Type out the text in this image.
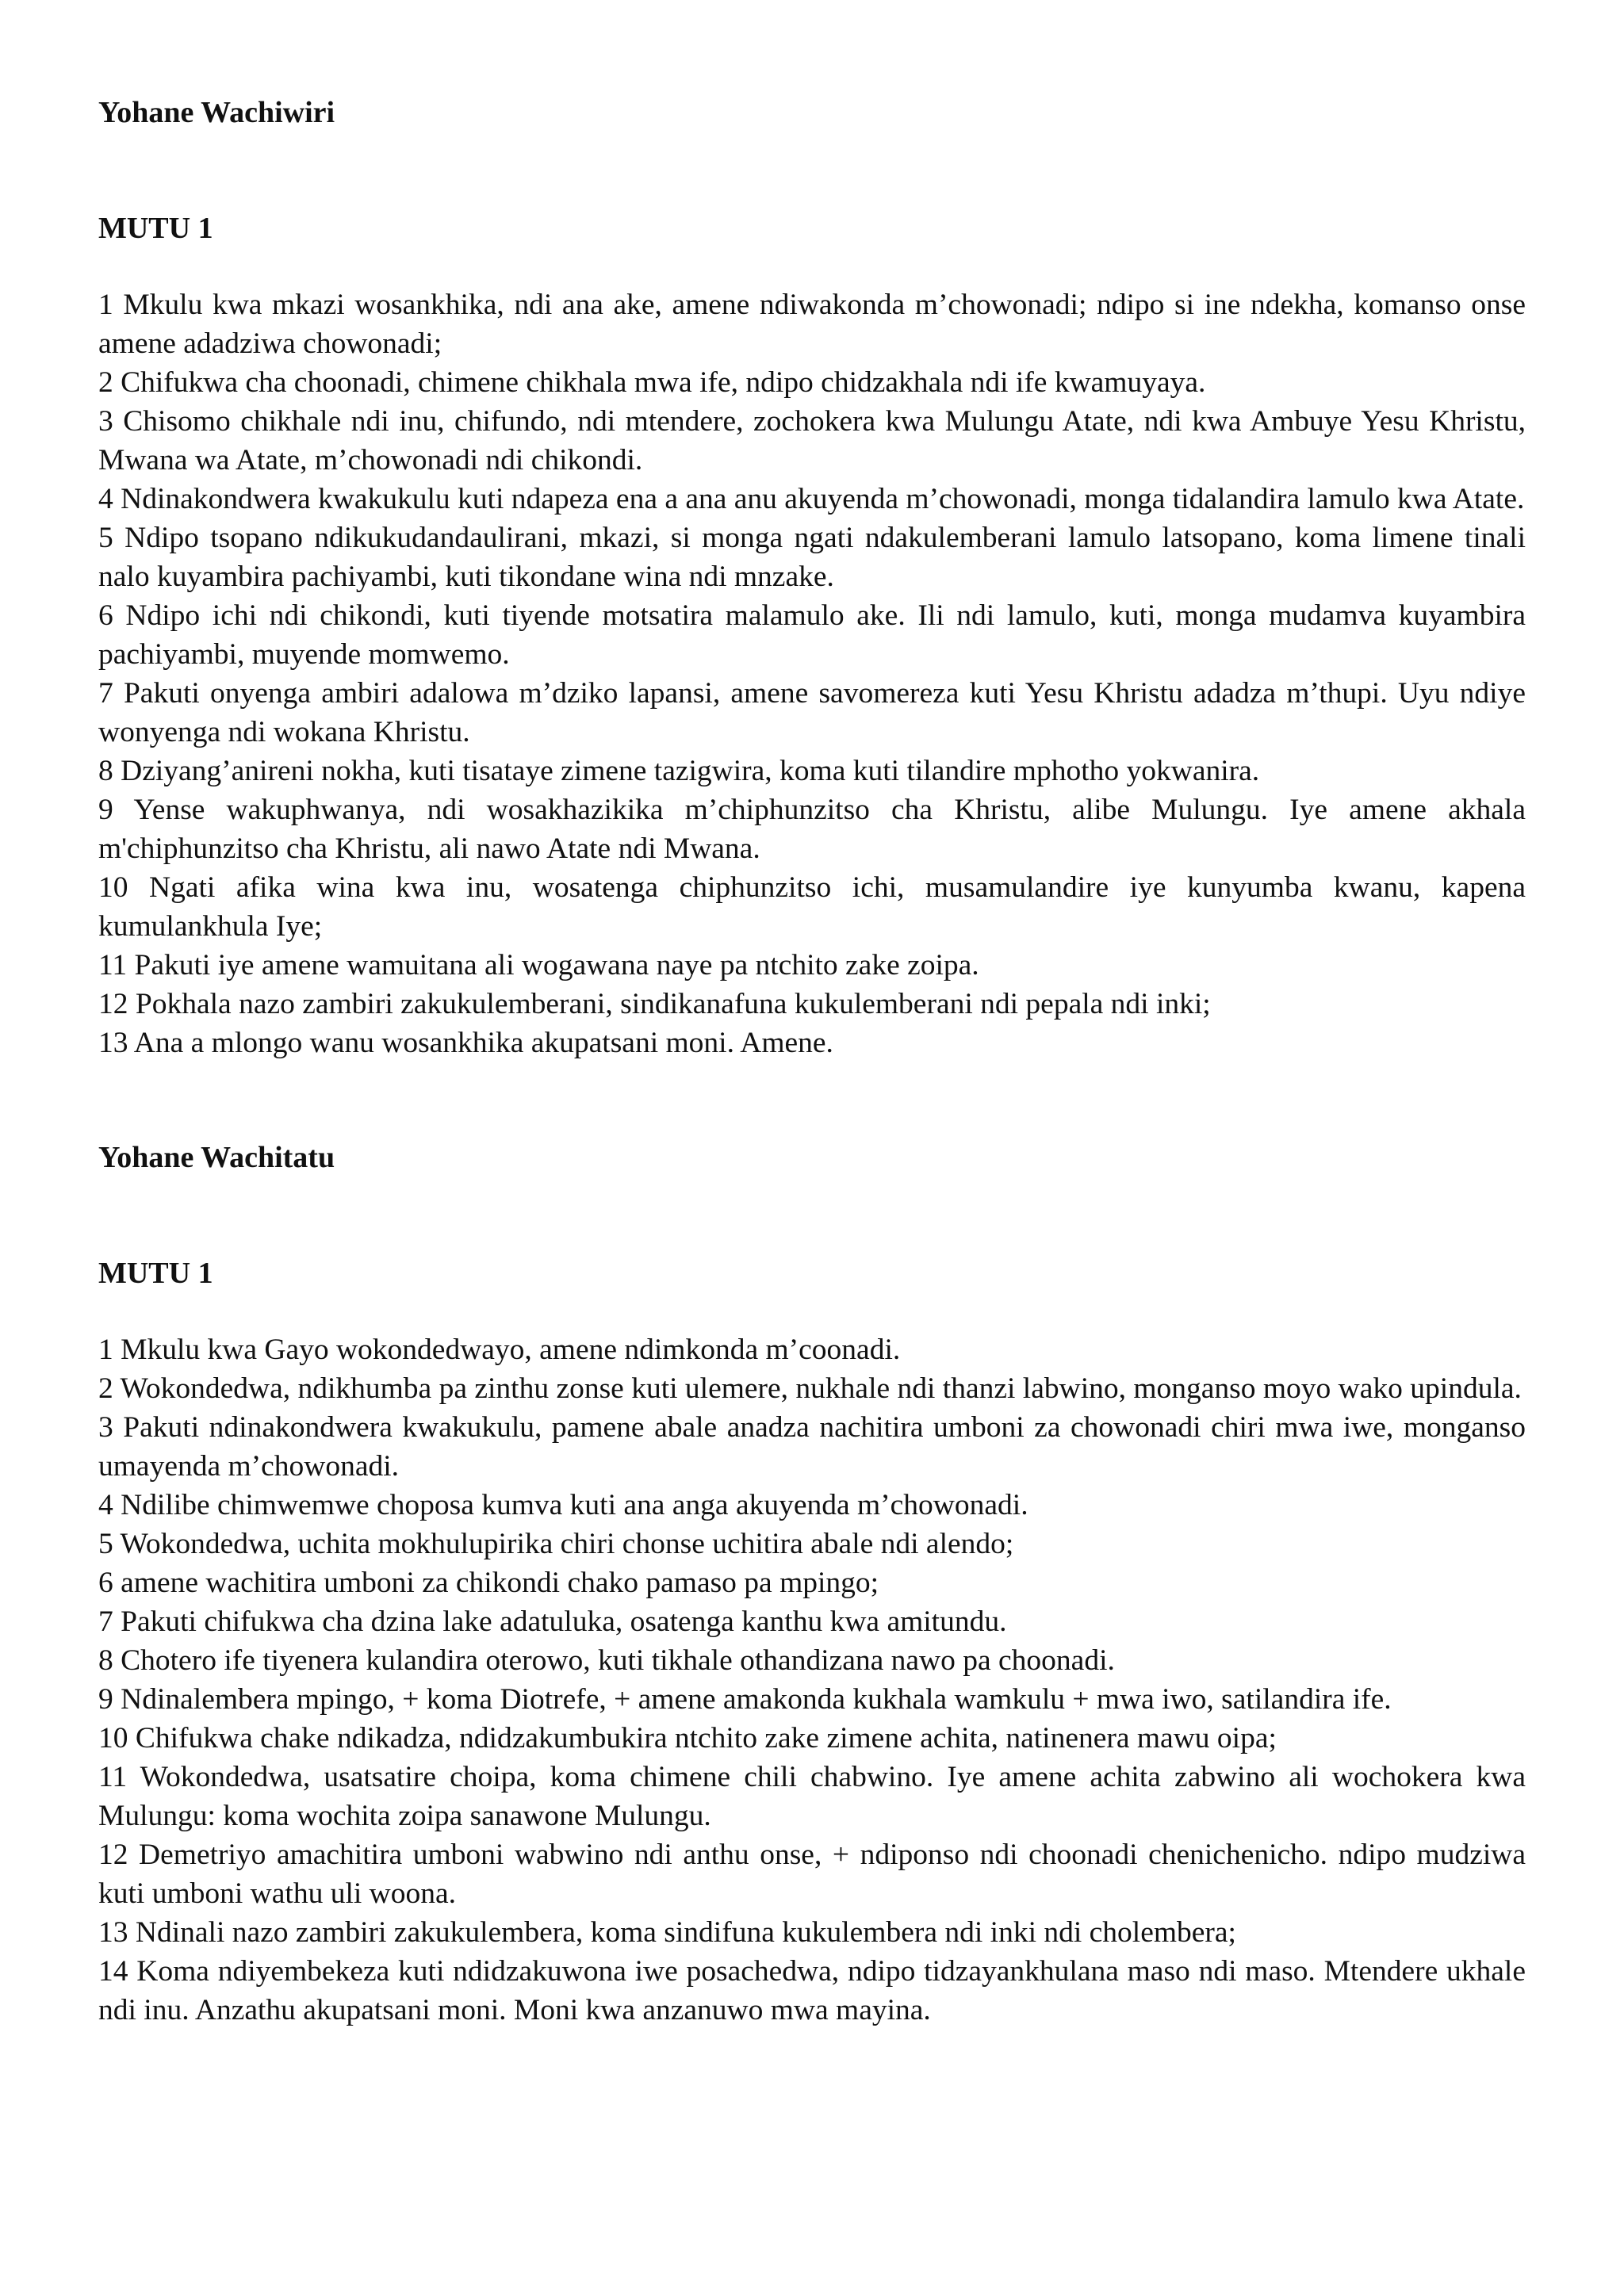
Yohane Wachiwiri

MUTU 1

1 Mkulu kwa mkazi wosankhika, ndi ana ake, amene ndiwakonda m’chowonadi; ndipo si ine ndekha, komanso onse amene adadziwa chowonadi;

2 Chifukwa cha choonadi, chimene chikhala mwa ife, ndipo chidzakhala ndi ife kwamuyaya.

3 Chisomo chikhale ndi inu, chifundo, ndi mtendere, zochokera kwa Mulungu Atate, ndi kwa Ambuye Yesu Khristu, Mwana wa Atate, m’chowonadi ndi chikondi.

4 Ndinakondwera kwakukulu kuti ndapeza ena a ana anu akuyenda m’chowonadi, monga tidalandira lamulo kwa Atate.

5 Ndipo tsopano ndikukudandaulirani, mkazi, si monga ngati ndakulemberani lamulo latsopano, koma limene tinali nalo kuyambira pachiyambi, kuti tikondane wina ndi mnzake.

6 Ndipo ichi ndi chikondi, kuti tiyende motsatira malamulo ake. Ili ndi lamulo, kuti, monga mudamva kuyambira pachiyambi, muyende momwemo.

7 Pakuti onyenga ambiri adalowa m’dziko lapansi, amene savomereza kuti Yesu Khristu adadza m’thupi. Uyu ndiye wonyenga ndi wokana Khristu.

8 Dziyang’anireni nokha, kuti tisataye zimene tazigwira, koma kuti tilandire mphotho yokwanira.

9 Yense wakuphwanya, ndi wosakhazikika m’chiphunzitso cha Khristu, alibe Mulungu. Iye amene akhala m'chiphunzitso cha Khristu, ali nawo Atate ndi Mwana.

10 Ngati afika wina kwa inu, wosatenga chiphunzitso ichi, musamulandire iye kunyumba kwanu, kapena kumulankhula Iye;

11 Pakuti iye amene wamuitana ali wogawana naye pa ntchito zake zoipa.

12 Pokhala nazo zambiri zakukulemberani, sindikanafuna kukulemberani ndi pepala ndi inki;

13 Ana a mlongo wanu wosankhika akupatsani moni. Amene.

Yohane Wachitatu

MUTU 1

1 Mkulu kwa Gayo wokondedwayo, amene ndimkonda m’coonadi.

2 Wokondedwa, ndikhumba pa zinthu zonse kuti ulemere, nukhale ndi thanzi labwino, monganso moyo wako upindula.

3 Pakuti ndinakondwera kwakukulu, pamene abale anadza nachitira umboni za chowonadi chiri mwa iwe, monganso umayenda m’chowonadi.

4 Ndilibe chimwemwe choposa kumva kuti ana anga akuyenda m’chowonadi.

5 Wokondedwa, uchita mokhulupirika chiri chonse uchitira abale ndi alendo;

6 amene wachitira umboni za chikondi chako pamaso pa mpingo;

7 Pakuti chifukwa cha dzina lake adatuluka, osatenga kanthu kwa amitundu.

8 Chotero ife tiyenera kulandira oterowo, kuti tikhale othandizana nawo pa choonadi.

9 Ndinalembera mpingo, + koma Diotrefe, + amene amakonda kukhala wamkulu + mwa iwo, satilandira ife.

10 Chifukwa chake ndikadza, ndidzakumbukira ntchito zake zimene achita, natinenera mawu oipa;

11 Wokondedwa, usatsatire choipa, koma chimene chili chabwino. Iye amene achita zabwino ali wochokera kwa Mulungu: koma wochita zoipa sanawone Mulungu.

12 Demetriyo amachitira umboni wabwino ndi anthu onse, + ndiponso ndi choonadi chenichenicho. ndipo mudziwa kuti umboni wathu uli woona.

13 Ndinali nazo zambiri zakukulembera, koma sindifuna kukulembera ndi inki ndi cholembera;

14 Koma ndiyembekeza kuti ndidzakuwona iwe posachedwa, ndipo tidzayankhulana maso ndi maso. Mtendere ukhale ndi inu. Anzathu akupatsani moni. Moni kwa anzanuwo mwa mayina.
